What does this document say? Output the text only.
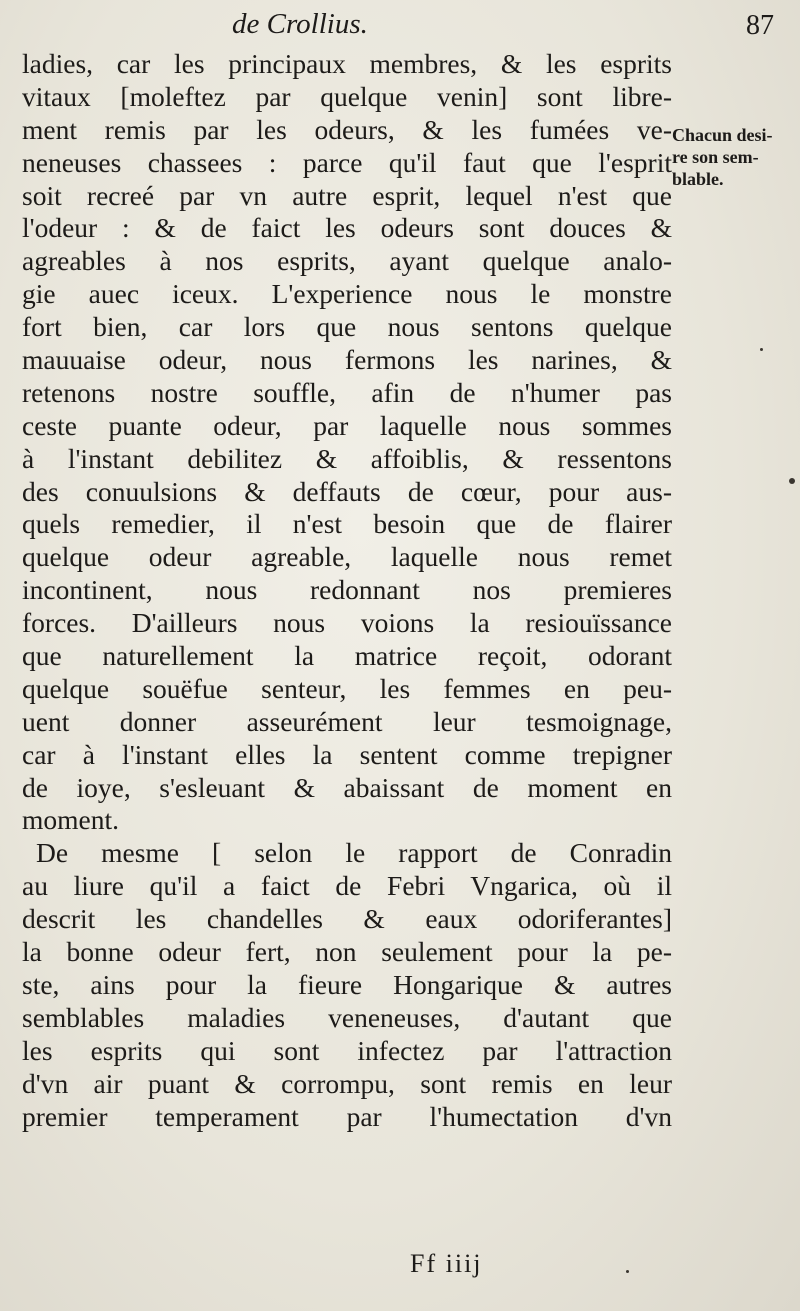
de Crollius.	87
ladies, car les principaux membres, & les esprits
vitaux [moleftez par quelque venin] sont libre-
ment remis par les odeurs, & les fumées ve-
neneuses chassees : parce qu'il faut que l'esprit
soit recreé par vn autre esprit, lequel n'est que
l'odeur : & de faict les odeurs sont douces &
agreables à nos esprits, ayant quelque analo-
gie auec iceux. L'experience nous le monstre
fort bien, car lors que nous sentons quelque
mauuaise odeur, nous fermons les narines, &
retenons nostre souffle, afin de n'humer pas
ceste puante odeur, par laquelle nous sommes
à l'instant debilitez & affoiblis, & ressentons
des conuulsions & deffauts de cœur, pour aus-
quels remedier, il n'est besoin que de flairer
quelque odeur agreable, laquelle nous remet
incontinent, nous redonnant nos premieres
forces. D'ailleurs nous voions la resiouïssance
que naturellement la matrice reçoit, odorant
quelque souëfue senteur, les femmes en peu-
uent donner asseurément leur tesmoignage,
car à l'instant elles la sentent comme trepigner
de ioye, s'esleuant & abaissant de moment en
moment.
De mesme [ selon le rapport de Conradin
au liure qu'il a faict de Febri Vngarica, où il
descrit les chandelles & eaux odoriferantes]
la bonne odeur fert, non seulement pour la pe-
ste, ains pour la fieure Hongarique & autres
semblables maladies veneneuses, d'autant que
les esprits qui sont infectez par l'attraction
d'vn air puant & corrompu, sont remis en leur
premier temperament par l'humectation d'vn
Chacun desi-
re son sem-
blable.
Ff iiij
